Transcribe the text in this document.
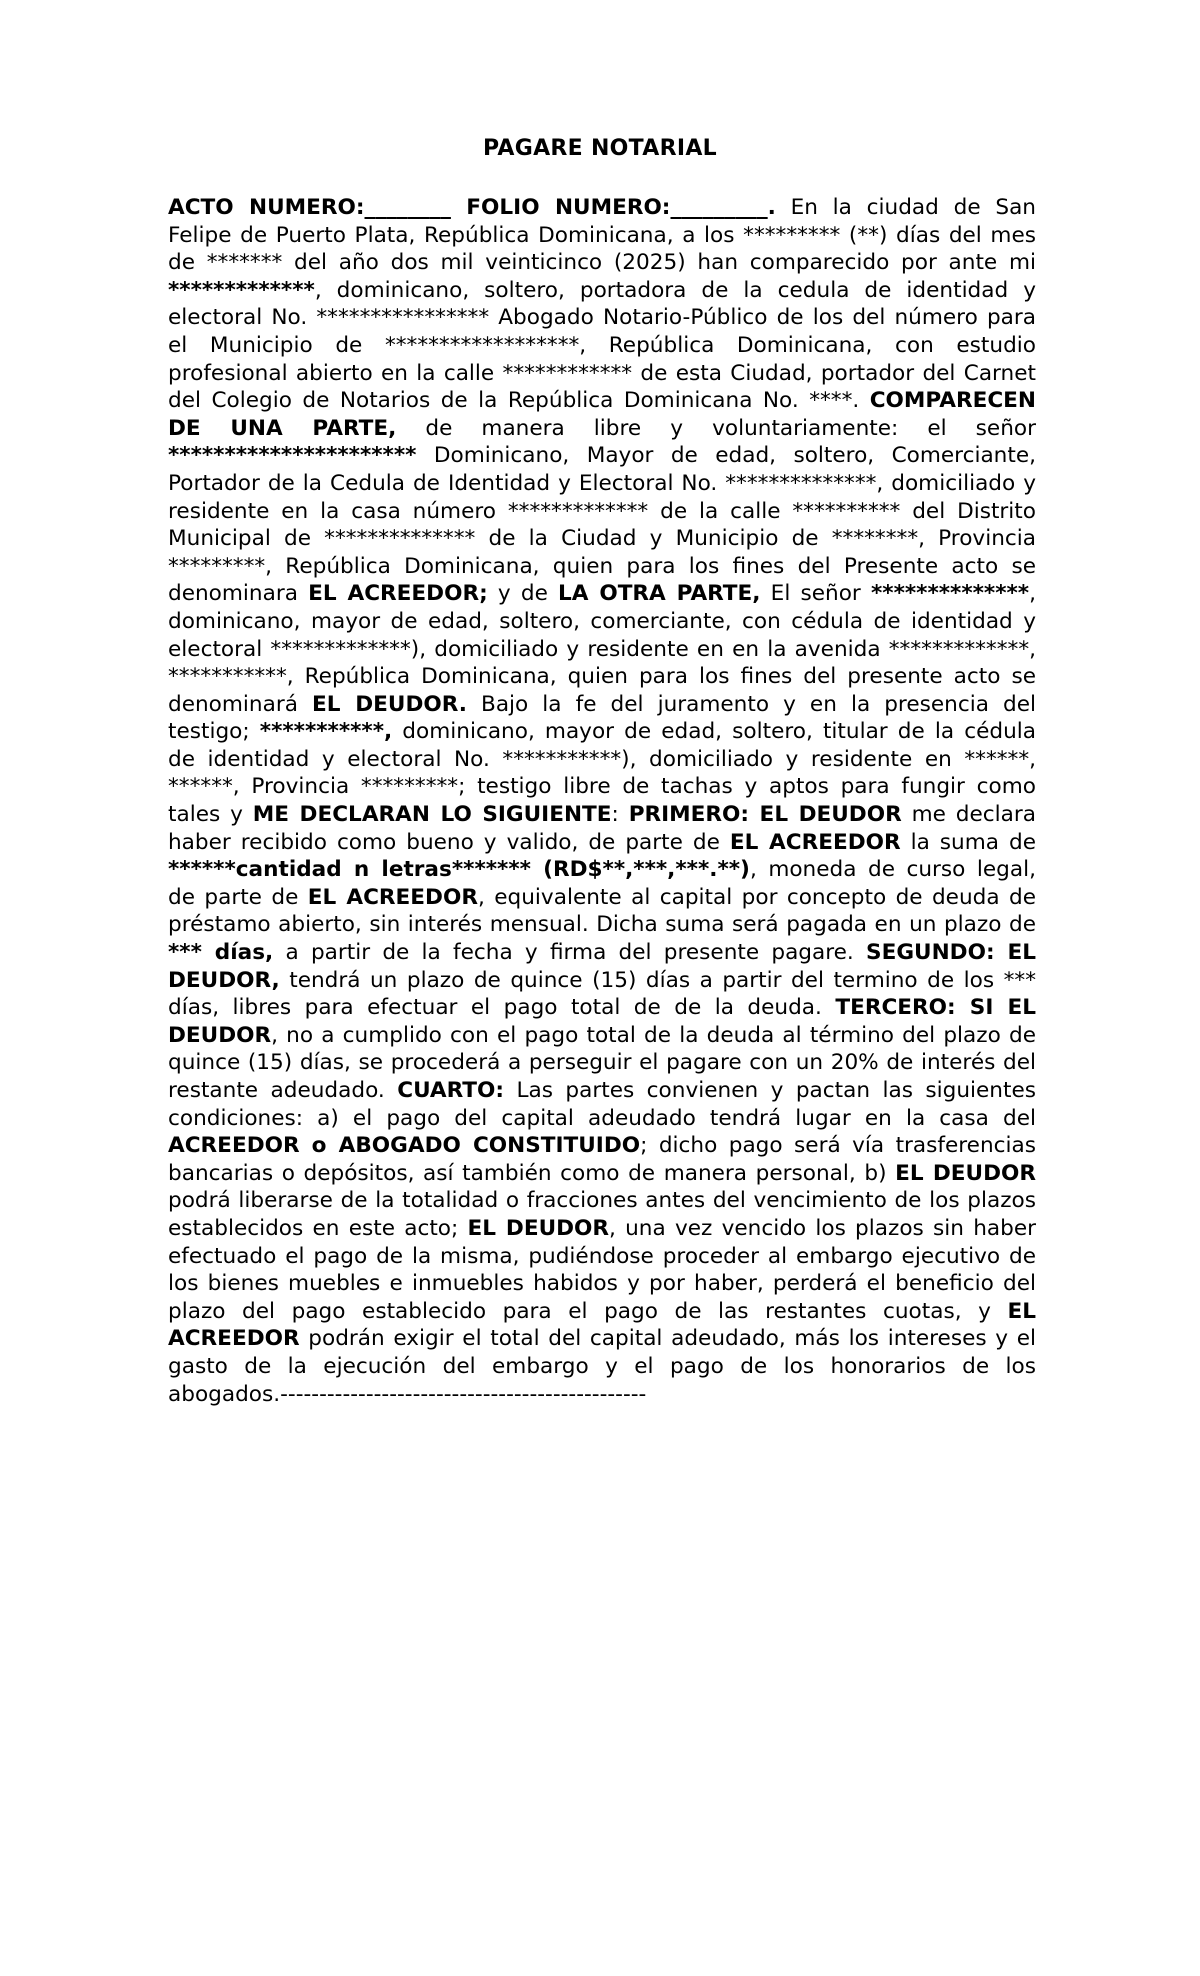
PAGARE NOTARIAL

ACTO NUMERO:________ FOLIO NUMERO:_________. En la ciudad de San Felipe de Puerto Plata, República Dominicana, a los ********* (**) días del mes de ******* del año dos mil veinticinco (2025) han comparecido por ante mi *************, dominicano, soltero, portadora de la cedula de identidad y electoral No. **************** Abogado Notario-Público de los del número para el Municipio de ******************, República Dominicana, con estudio profesional abierto en la calle ************ de esta Ciudad, portador del Carnet del Colegio de Notarios de la República Dominicana No. ****. COMPARECEN DE UNA PARTE, de manera libre y voluntariamente: el señor ********************** Dominicano, Mayor de edad, soltero, Comerciante, Portador de la Cedula de Identidad y Electoral No. **************, domiciliado y residente en la casa número ************* de la calle ********** del Distrito Municipal de ************** de la Ciudad y Municipio de ********, Provincia *********, República Dominicana, quien para los fines del Presente acto se denominara EL ACREEDOR; y de LA OTRA PARTE, El señor **************, dominicano, mayor de edad, soltero, comerciante, con cédula de identidad y electoral *************), domiciliado y residente en en la avenida *************, ***********, República Dominicana, quien para los fines del presente acto se denominará EL DEUDOR. Bajo la fe del juramento y en la presencia del testigo; ***********, dominicano, mayor de edad, soltero, titular de la cédula de identidad y electoral No. ***********), domiciliado y residente en ******, ******, Provincia *********; testigo libre de tachas y aptos para fungir como tales y ME DECLARAN LO SIGUIENTE: PRIMERO: EL DEUDOR me declara haber recibido como bueno y valido, de parte de EL ACREEDOR la suma de ******cantidad n letras******* (RD$**,***,***.**), moneda de curso legal, de parte de EL ACREEDOR, equivalente al capital por concepto de deuda de préstamo abierto, sin interés mensual. Dicha suma será pagada en un plazo de *** días, a partir de la fecha y firma del presente pagare. SEGUNDO: EL DEUDOR, tendrá un plazo de quince (15) días a partir del termino de los *** días, libres para efectuar el pago total de de la deuda. TERCERO: SI EL DEUDOR, no a cumplido con el pago total de la deuda al término del plazo de quince (15) días, se procederá a perseguir el pagare con un 20% de interés del restante adeudado. CUARTO: Las partes convienen y pactan las siguientes condiciones: a) el pago del capital adeudado tendrá lugar en la casa del ACREEDOR o ABOGADO CONSTITUIDO; dicho pago será vía trasferencias bancarias o depósitos, así también como de manera personal, b) EL DEUDOR podrá liberarse de la totalidad o fracciones antes del vencimiento de los plazos establecidos en este acto; EL DEUDOR, una vez vencido los plazos sin haber efectuado el pago de la misma, pudiéndose proceder al embargo ejecutivo de los bienes muebles e inmuebles habidos y por haber, perderá el beneficio del plazo del pago establecido para el pago de las restantes cuotas, y EL ACREEDOR podrán exigir el total del capital adeudado, más los intereses y el gasto de la ejecución del embargo y el pago de los honorarios de los abogados.-----------------------------------------------
